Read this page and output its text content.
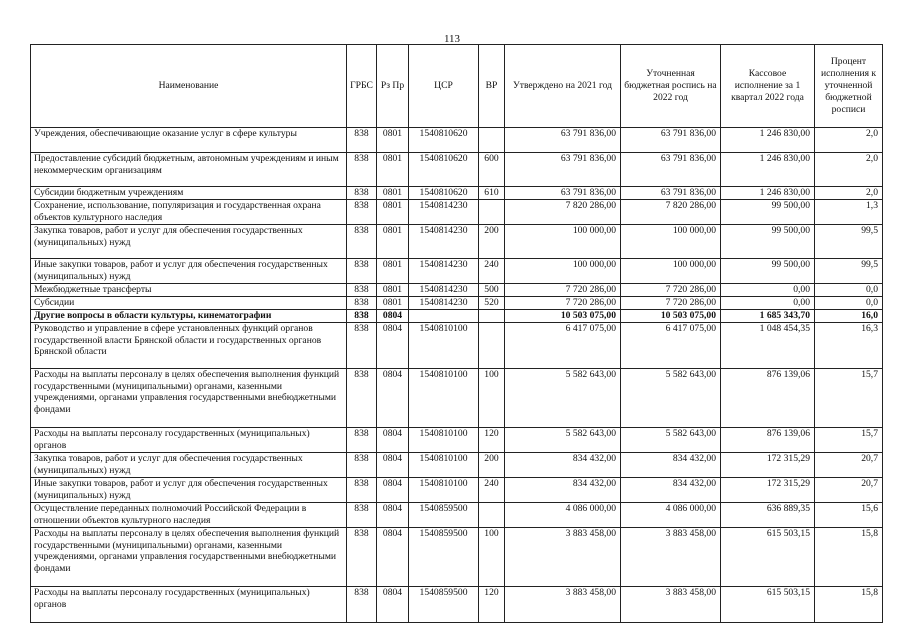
113
Наименование	ГРБС	Рз Пр	ЦСР	ВР	Утверждено на 2021 год	Уточненная бюджетная роспись на 2022 год	Кассовое исполнение за 1 квартал 2022 года	Процент исполнения к уточненной бюджетной росписи
Учреждения, обеспечивающие оказание услуг в сфере культуры	838	0801	1540810620		63 791 836,00	63 791 836,00	1 246 830,00	2,0
Предоставление субсидий бюджетным, автономным учреждениям и иным некоммерческим организациям	838	0801	1540810620	600	63 791 836,00	63 791 836,00	1 246 830,00	2,0
Субсидии бюджетным учреждениям	838	0801	1540810620	610	63 791 836,00	63 791 836,00	1 246 830,00	2,0
Сохранение, использование, популяризация и государственная охрана объектов культурного наследия	838	0801	1540814230		7 820 286,00	7 820 286,00	99 500,00	1,3
Закупка товаров, работ и услуг для обеспечения государственных (муниципальных) нужд	838	0801	1540814230	200	100 000,00	100 000,00	99 500,00	99,5
Иные закупки товаров, работ и услуг для обеспечения государственных (муниципальных) нужд	838	0801	1540814230	240	100 000,00	100 000,00	99 500,00	99,5
Межбюджетные трансферты	838	0801	1540814230	500	7 720 286,00	7 720 286,00	0,00	0,0
Субсидии	838	0801	1540814230	520	7 720 286,00	7 720 286,00	0,00	0,0
Другие вопросы в области культуры, кинематографии	838	0804			10 503 075,00	10 503 075,00	1 685 343,70	16,0
Руководство и управление в сфере установленных функций органов государственной власти Брянской области и государственных органов Брянской области	838	0804	1540810100		6 417 075,00	6 417 075,00	1 048 454,35	16,3
Расходы на выплаты персоналу в целях обеспечения выполнения функций государственными (муниципальными) органами, казенными учреждениями, органами управления государственными внебюджетными фондами	838	0804	1540810100	100	5 582 643,00	5 582 643,00	876 139,06	15,7
Расходы на выплаты персоналу государственных (муниципальных) органов	838	0804	1540810100	120	5 582 643,00	5 582 643,00	876 139,06	15,7
Закупка товаров, работ и услуг для обеспечения государственных (муниципальных) нужд	838	0804	1540810100	200	834 432,00	834 432,00	172 315,29	20,7
Иные закупки товаров, работ и услуг для обеспечения государственных (муниципальных) нужд	838	0804	1540810100	240	834 432,00	834 432,00	172 315,29	20,7
Осуществление переданных полномочий Российской Федерации в отношении объектов культурного наследия	838	0804	1540859500		4 086 000,00	4 086 000,00	636 889,35	15,6
Расходы на выплаты персоналу в целях обеспечения выполнения функций государственными (муниципальными) органами, казенными учреждениями, органами управления государственными внебюджетными фондами	838	0804	1540859500	100	3 883 458,00	3 883 458,00	615 503,15	15,8
Расходы на выплаты персоналу государственных (муниципальных) органов	838	0804	1540859500	120	3 883 458,00	3 883 458,00	615 503,15	15,8
